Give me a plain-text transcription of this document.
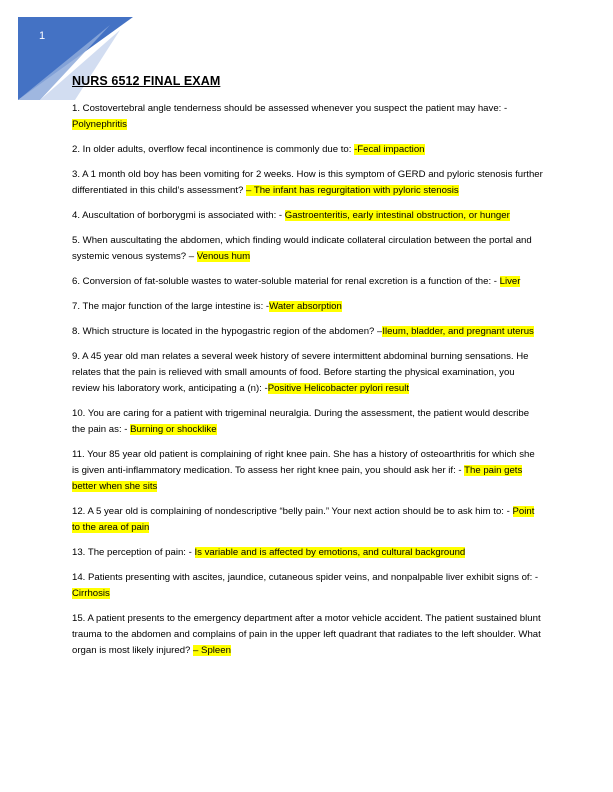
1
NURS 6512 FINAL EXAM

1. Costovertebral angle tenderness should be assessed whenever you suspect the patient may have: - Polynephritis

2. In older adults, overflow fecal incontinence is commonly due to: -Fecal impaction

3. A 1 month old boy has been vomiting for 2 weeks. How is this symptom of GERD and pyloric stenosis further differentiated in this child’s assessment? – The infant has regurgitation with pyloric stenosis

4. Auscultation of borborygmi is associated with: - Gastroenteritis, early intestinal obstruction, or hunger

5. When auscultating the abdomen, which finding would indicate collateral circulation between the portal and systemic venous systems? – Venous hum

6. Conversion of fat-soluble wastes to water-soluble material for renal excretion is a function of the: - Liver

7. The major function of the large intestine is: -Water absorption

8. Which structure is located in the hypogastric region of the abdomen? –Ileum, bladder, and pregnant uterus

9. A 45 year old man relates a several week history of severe intermittent abdominal burning sensations. He relates that the pain is relieved with small amounts of food. Before starting the physical examination, you review his laboratory work, anticipating a (n): -Positive Helicobacter pylori result

10. You are caring for a patient with trigeminal neuralgia. During the assessment, the patient would describe the pain as: - Burning or shocklike

11. Your 85 year old patient is complaining of right knee pain. She has a history of osteoarthritis for which she is given anti-inflammatory medication. To assess her right knee pain, you should ask her if: - The pain gets better when she sits

12. A 5 year old is complaining of nondescriptive “belly pain.” Your next action should be to ask him to: - Point to the area of pain

13. The perception of pain: - Is variable and is affected by emotions, and cultural background

14. Patients presenting with ascites, jaundice, cutaneous spider veins, and nonpalpable liver exhibit signs of: - Cirrhosis

15. A patient presents to the emergency department after a motor vehicle accident. The patient sustained blunt trauma to the abdomen and complains of pain in the upper left quadrant that radiates to the left shoulder. What organ is most likely injured? – Spleen
